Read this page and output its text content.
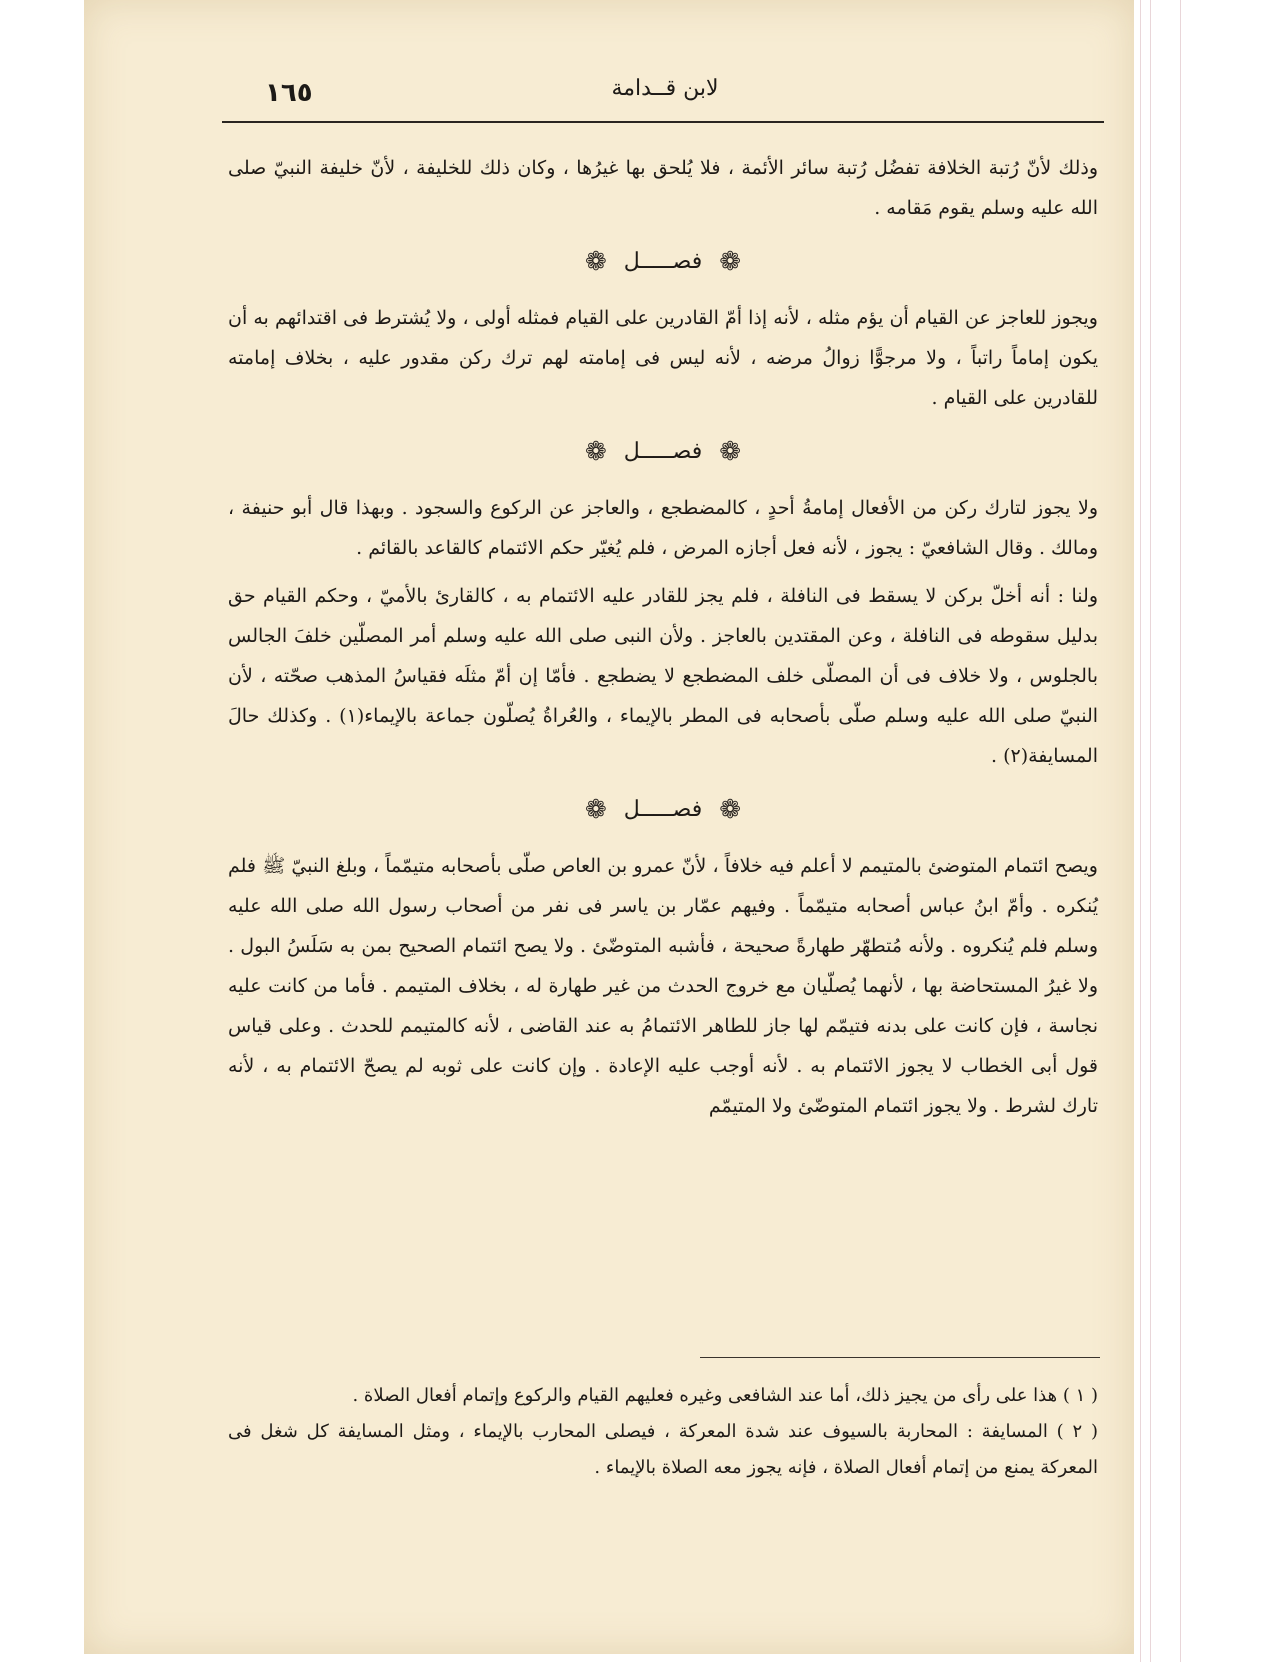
١٦٥	لابن قــدامة

وذلك لأنّ رُتبة الخلافة تفضُل رُتبة سائر الأئمة ، فلا يُلحق بها غيرُها ، وكان ذلك للخليفة ، لأنّ خليفة النبيّ صلى الله عليه وسلم يقوم مَقامه .

❁ فصـــــل ❁

ويجوز للعاجز عن القيام أن يؤم مثله ، لأنه إذا أمّ القادرين على القيام فمثله أولى ، ولا يُشترط فى اقتدائهم به أن يكون إماماً راتباً ، ولا مرجوًّا زوالُ مرضه ، لأنه ليس فى إمامته لهم ترك ركن مقدور عليه ، بخلاف إمامته للقادرين على القيام .

❁ فصـــــل ❁

ولا يجوز لتارك ركن من الأفعال إمامةُ أحدٍ ، كالمضطجع ، والعاجز عن الركوع والسجود . وبهذا قال أبو حنيفة ، ومالك . وقال الشافعيّ : يجوز ، لأنه فعل أجازه المرض ، فلم يُغيّر حكم الائتمام كالقاعد بالقائم .

ولنا : أنه أخلّ بركن لا يسقط فى النافلة ، فلم يجز للقادر عليه الائتمام به ، كالقارئ بالأميّ ، وحكم القيام حق بدليل سقوطه فى النافلة ، وعن المقتدين بالعاجز . ولأن النبى صلى الله عليه وسلم أمر المصلّين خلفَ الجالس بالجلوس ، ولا خلاف فى أن المصلّى خلف المضطجع لا يضطجع . فأمّا إن أمّ مثلَه فقياسُ المذهب صحّته ، لأن النبيّ صلى الله عليه وسلم صلّى بأصحابه فى المطر بالإيماء ، والعُراةُ يُصلّون جماعة بالإيماء(١) . وكذلك حالَ المسايفة(٢) .

❁ فصـــــل ❁

ويصح ائتمام المتوضئ بالمتيمم لا أعلم فيه خلافاً ، لأنّ عمرو بن العاص صلّى بأصحابه متيمّماً ، وبلغ النبيّ ﷺ فلم يُنكره . وأمّ ابنُ عباس أصحابه متيمّماً . وفيهم عمّار بن ياسر فى نفر من أصحاب رسول الله صلى الله عليه وسلم فلم يُنكروه . ولأنه مُتطهّر طهارةً صحيحة ، فأشبه المتوضّئ . ولا يصح ائتمام الصحيح بمن به سَلَسُ البول . ولا غيرُ المستحاضة بها ، لأنهما يُصلّيان مع خروج الحدث من غير طهارة له ، بخلاف المتيمم . فأما من كانت عليه نجاسة ، فإن كانت على بدنه فتيمّم لها جاز للطاهر الائتمامُ به عند القاضى ، لأنه كالمتيمم للحدث . وعلى قياس قول أبى الخطاب لا يجوز الائتمام به . لأنه أوجب عليه الإعادة . وإن كانت على ثوبه لم يصحّ الائتمام به ، لأنه تارك لشرط . ولا يجوز ائتمام المتوضّئ ولا المتيمّم

( ١ ) هذا على رأى من يجيز ذلك، أما عند الشافعى وغيره فعليهم القيام والركوع وإتمام أفعال الصلاة .

( ٢ ) المسايفة : المحاربة بالسيوف عند شدة المعركة ، فيصلى المحارب بالإيماء ، ومثل المسايفة كل شغل فى المعركة يمنع من إتمام أفعال الصلاة ، فإنه يجوز معه الصلاة بالإيماء .
